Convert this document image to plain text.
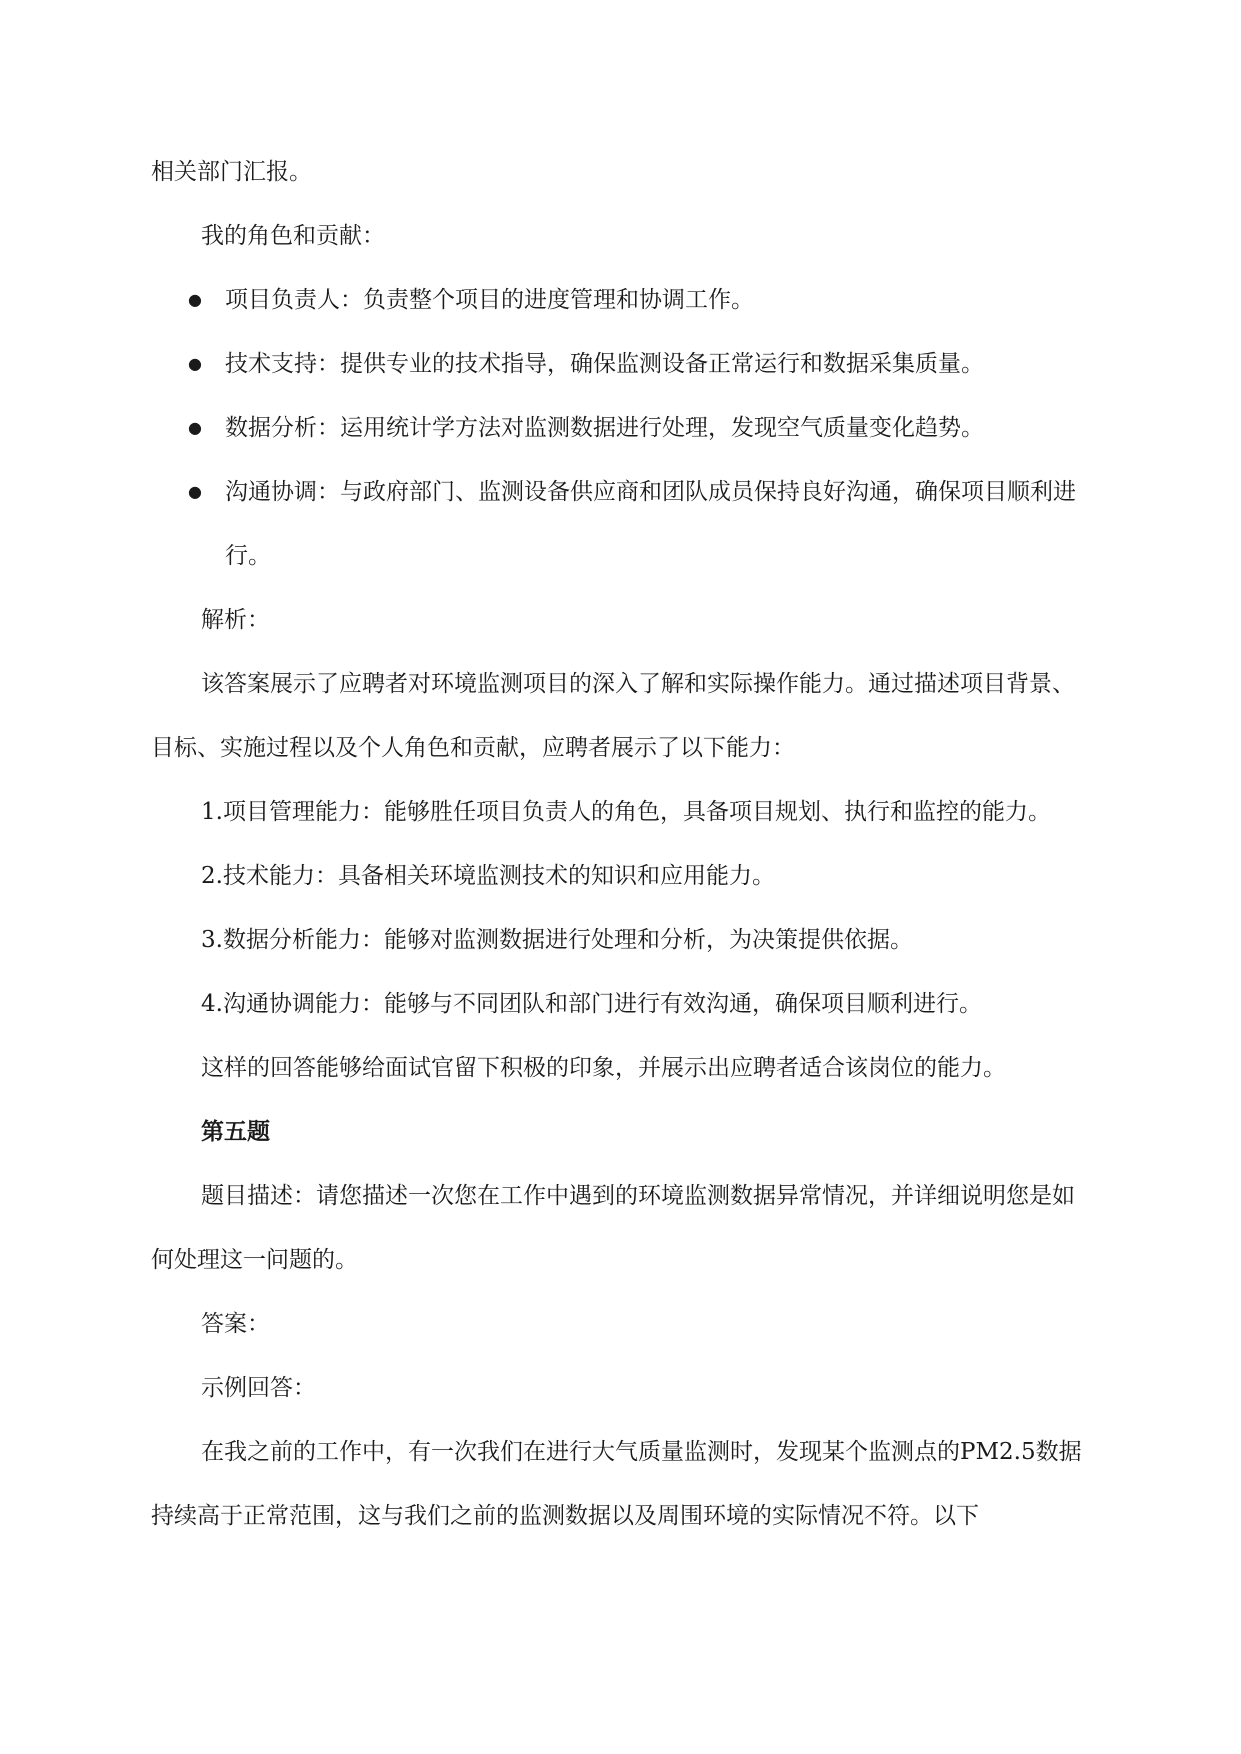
相关部门汇报。

我的角色和贡献：

● 项目负责人：负责整个项目的进度管理和协调工作。
● 技术支持：提供专业的技术指导，确保监测设备正常运行和数据采集质量。
● 数据分析：运用统计学方法对监测数据进行处理，发现空气质量变化趋势。
● 沟通协调：与政府部门、监测设备供应商和团队成员保持良好沟通，确保项目顺利进行。

解析：

该答案展示了应聘者对环境监测项目的深入了解和实际操作能力。通过描述项目背景、目标、实施过程以及个人角色和贡献，应聘者展示了以下能力：

1.项目管理能力：能够胜任项目负责人的角色，具备项目规划、执行和监控的能力。

2.技术能力：具备相关环境监测技术的知识和应用能力。

3.数据分析能力：能够对监测数据进行处理和分析，为决策提供依据。

4.沟通协调能力：能够与不同团队和部门进行有效沟通，确保项目顺利进行。

这样的回答能够给面试官留下积极的印象，并展示出应聘者适合该岗位的能力。

第五题

题目描述：请您描述一次您在工作中遇到的环境监测数据异常情况，并详细说明您是如何处理这一问题的。

答案：

示例回答：

在我之前的工作中，有一次我们在进行大气质量监测时，发现某个监测点的PM2.5数据持续高于正常范围，这与我们之前的监测数据以及周围环境的实际情况不符。以下
